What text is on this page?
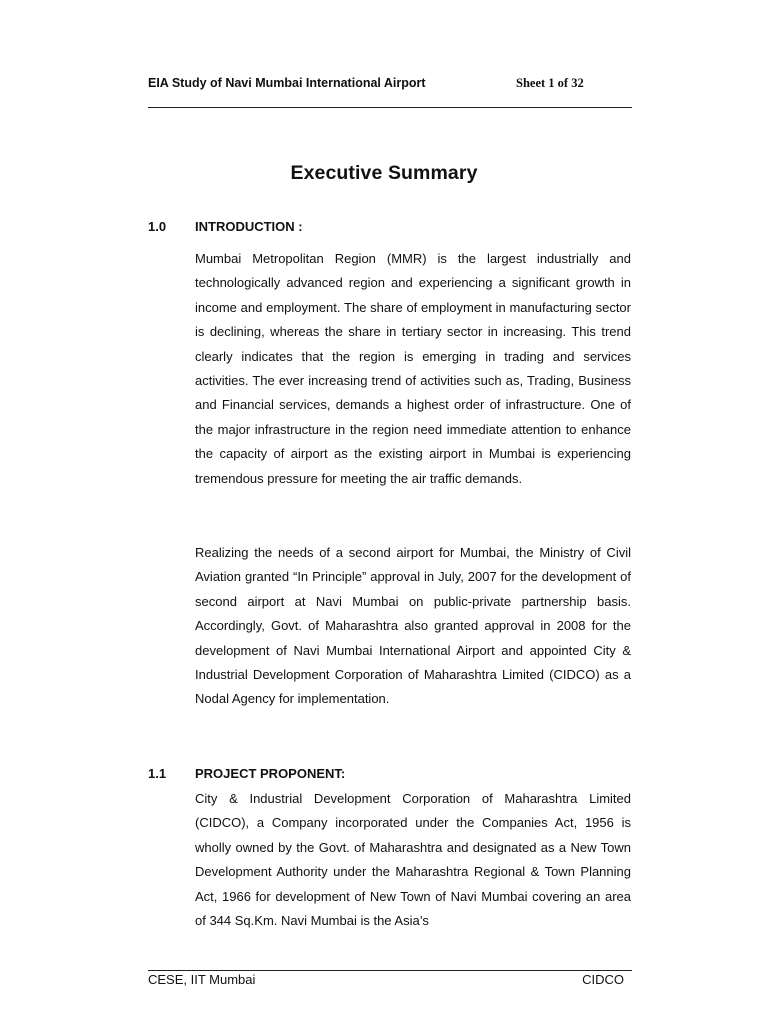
EIA Study of Navi Mumbai International Airport	Sheet 1 of 32
Executive Summary
1.0 INTRODUCTION :

Mumbai Metropolitan Region (MMR) is the largest industrially and technologically advanced region and experiencing a significant growth in income and employment. The share of employment in manufacturing sector is declining, whereas the share in tertiary sector in increasing. This trend clearly indicates that the region is emerging in trading and services activities. The ever increasing trend of activities such as, Trading, Business and Financial services, demands a highest order of infrastructure. One of the major infrastructure in the region need immediate attention to enhance the capacity of airport as the existing airport in Mumbai is experiencing tremendous pressure for meeting the air traffic demands.

Realizing the needs of a second airport for Mumbai, the Ministry of Civil Aviation granted “In Principle” approval in July, 2007 for the development of second airport at Navi Mumbai on public-private partnership basis. Accordingly, Govt. of Maharashtra also granted approval in 2008 for the development of Navi Mumbai International Airport and appointed City & Industrial Development Corporation of Maharashtra Limited (CIDCO) as a Nodal Agency for implementation.

1.1 PROJECT PROPONENT:

City & Industrial Development Corporation of Maharashtra Limited (CIDCO), a Company incorporated under the Companies Act, 1956 is wholly owned by the Govt. of Maharashtra and designated as a New Town Development Authority under the Maharashtra Regional & Town Planning Act, 1966 for development of New Town of Navi Mumbai covering an area of 344 Sq.Km. Navi Mumbai is the Asia’s

CESE, IIT Mumbai	CIDCO
